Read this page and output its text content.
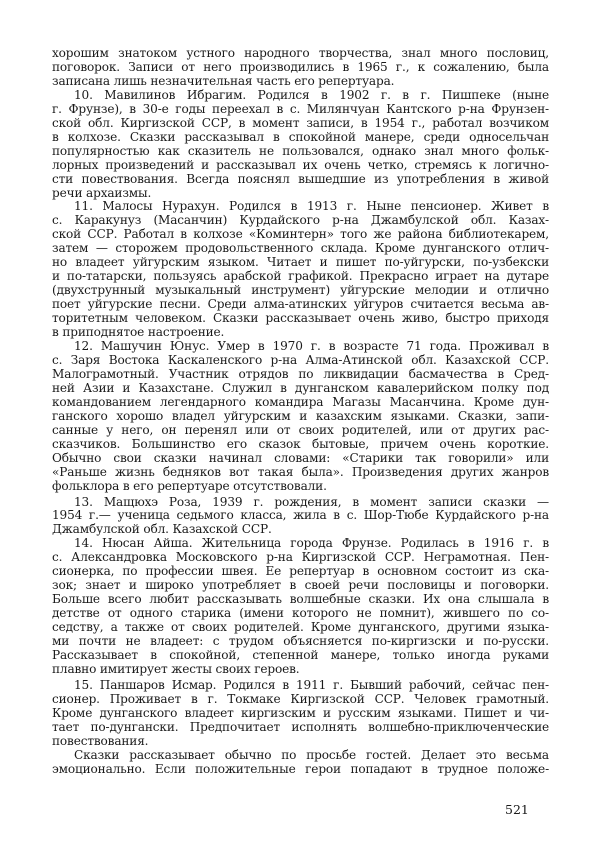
хорошим знатоком устного народного творчества, знал много пословиц,
поговорок. Записи от него производились в 1965 г., к сожалению, была
записана лишь незначительная часть его репертуара.

10. Мавилинов Ибрагим. Родился в 1902 г. в г. Пишпеке (ныне
г. Фрунзе), в 30-е годы переехал в с. Милянчуан Кантского р-на Фрунзен-
ской обл. Киргизской ССР, в момент записи, в 1954 г., работал возчиком
в колхозе. Сказки рассказывал в спокойной манере, среди односельчан
популярностью как сказитель не пользовался, однако знал много фольк-
лорных произведений и рассказывал их очень четко, стремясь к логично-
сти повествования. Всегда пояснял вышедшие из употребления в живой
речи архаизмы.

11. Малосы Нурахун. Родился в 1913 г. Ныне пенсионер. Живет в
с. Каракунуз (Масанчин) Курдайского р-на Джамбулской обл. Казах-
ской ССР. Работал в колхозе «Коминтерн» того же района библиотекарем,
затем — сторожем продовольственного склада. Кроме дунганского отлич-
но владеет уйгурским языком. Читает и пишет по-уйгурски, по-узбекски
и по-татарски, пользуясь арабской графикой. Прекрасно играет на дутаре
(двухструнный музыкальный инструмент) уйгурские мелодии и отлично
поет уйгурские песни. Среди алма-атинских уйгуров считается весьма ав-
торитетным человеком. Сказки рассказывает очень живо, быстро приходя
в приподнятое настроение.

12. Машучин Юнус. Умер в 1970 г. в возрасте 71 года. Проживал в
с. Заря Востока Каскаленского р-на Алма-Атинской обл. Казахской ССР.
Малограмотный. Участник отрядов по ликвидации басмачества в Сред-
ней Азии и Казахстане. Служил в дунганском кавалерийском полку под
командованием легендарного командира Магазы Масанчина. Кроме дун-
ганского хорошо владел уйгурским и казахским языками. Сказки, запи-
санные у него, он перенял или от своих родителей, или от других рас-
сказчиков. Большинство его сказок бытовые, причем очень короткие.
Обычно свои сказки начинал словами: «Старики так говорили» или
«Раньше жизнь бедняков вот такая была». Произведения других жанров
фольклора в его репертуаре отсутствовали.

13. Мащюхэ Роза, 1939 г. рождения, в момент записи сказки —
1954 г.— ученица седьмого класса, жила в с. Шор-Тюбе Курдайского р-на
Джамбулской обл. Казахской ССР.

14. Нюсан Айша. Жительница города Фрунзе. Родилась в 1916 г. в
с. Александровка Московского р-на Киргизской ССР. Неграмотная. Пен-
сионерка, по профессии швея. Ее репертуар в основном состоит из ска-
зок; знает и широко употребляет в своей речи пословицы и поговорки.
Больше всего любит рассказывать волшебные сказки. Их она слышала в
детстве от одного старика (имени которого не помнит), жившего по со-
седству, а также от своих родителей. Кроме дунганского, другими языка-
ми почти не владеет: с трудом объясняется по-киргизски и по-русски.
Рассказывает в спокойной, степенной манере, только иногда руками
плавно имитирует жесты своих героев.

15. Паншаров Исмар. Родился в 1911 г. Бывший рабочий, сейчас пен-
сионер. Проживает в г. Токмаке Киргизской ССР. Человек грамотный.
Кроме дунганского владеет киргизским и русским языками. Пишет и чи-
тает по-дунгански. Предпочитает исполнять волшебно-приключенческие
повествования.

Сказки рассказывает обычно по просьбе гостей. Делает это весьма
эмоционально. Если положительные герои попадают в трудное положе-

521
